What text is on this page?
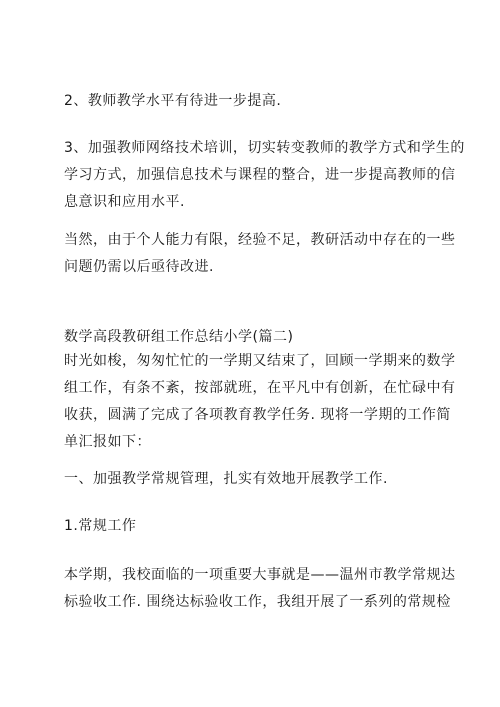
2、教师教学水平有待进一步提高.
3、加强教师网络技术培训，切实转变教师的教学方式和学生的
学习方式，加强信息技术与课程的整合，进一步提高教师的信
息意识和应用水平.
当然，由于个人能力有限，经验不足，教研活动中存在的一些
问题仍需以后亟待改进.
数学高段教研组工作总结小学(篇二)
时光如梭，匆匆忙忙的一学期又结束了，回顾一学期来的数学
组工作，有条不紊，按部就班，在平凡中有创新，在忙碌中有
收获，圆满了完成了各项教育教学任务. 现将一学期的工作简
单汇报如下：
一、加强教学常规管理，扎实有效地开展教学工作.
1.常规工作
本学期，我校面临的一项重要大事就是——温州市教学常规达
标验收工作. 围绕达标验收工作，我组开展了一系列的常规检
